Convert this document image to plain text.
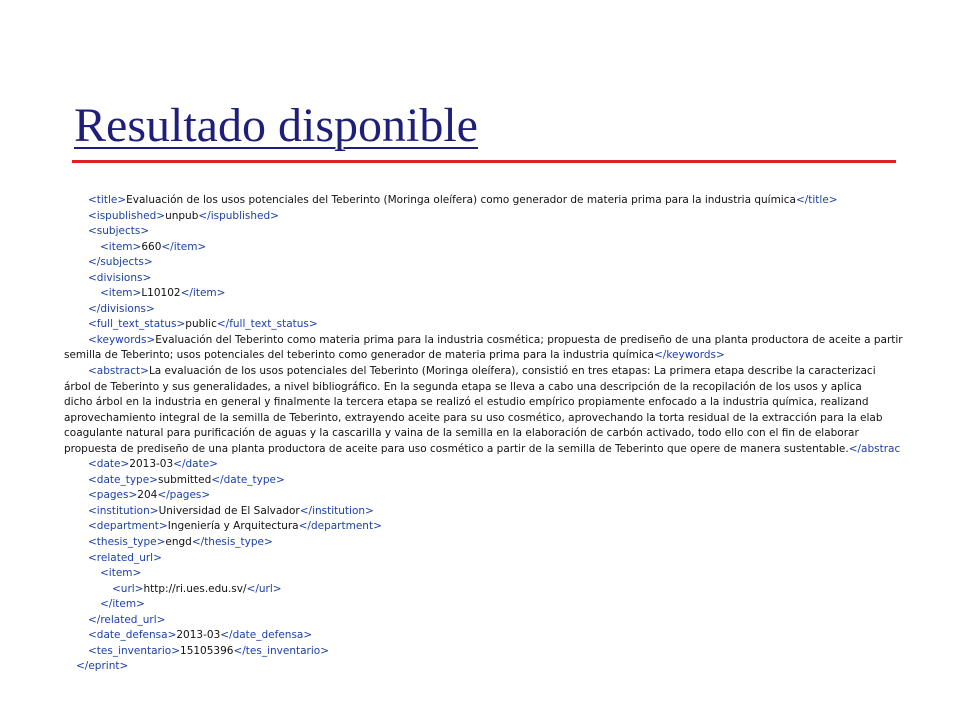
Resultado disponible
<title>Evaluación de los usos potenciales del Teberinto (Moringa oleífera) como generador de materia prima para la industria química</title>
<ispublished>unpub</ispublished>
<subjects>
<item>660</item>
</subjects>
<divisions>
<item>L10102</item>
</divisions>
<full_text_status>public</full_text_status>
<keywords>Evaluación del Teberinto como materia prima para la industria cosmética; propuesta de prediseño de una planta productora de aceite a partir
semilla de Teberinto; usos potenciales del teberinto como generador de materia prima para la industria química</keywords>
<abstract>La evaluación de los usos potenciales del Teberinto (Moringa oleífera), consistió en tres etapas: La primera etapa describe la caracterizaci
árbol de Teberinto y sus generalidades, a nivel bibliográfico. En la segunda etapa se lleva a cabo una descripción de la recopilación de los usos y aplica
dicho árbol en la industria en general y finalmente la tercera etapa se realizó el estudio empírico propiamente enfocado a la industria química, realizand
aprovechamiento integral de la semilla de Teberinto, extrayendo aceite para su uso cosmético, aprovechando la torta residual de la extracción para la elab
coagulante natural para purificación de aguas y la cascarilla y vaina de la semilla en la elaboración de carbón activado, todo ello con el fin de elaborar
propuesta de prediseño de una planta productora de aceite para uso cosmético a partir de la semilla de Teberinto que opere de manera sustentable.</abstrac
<date>2013-03</date>
<date_type>submitted</date_type>
<pages>204</pages>
<institution>Universidad de El Salvador</institution>
<department>Ingeniería y Arquitectura</department>
<thesis_type>engd</thesis_type>
<related_url>
<item>
<url>http://ri.ues.edu.sv/</url>
</item>
</related_url>
<date_defensa>2013-03</date_defensa>
<tes_inventario>15105396</tes_inventario>
</eprint>
